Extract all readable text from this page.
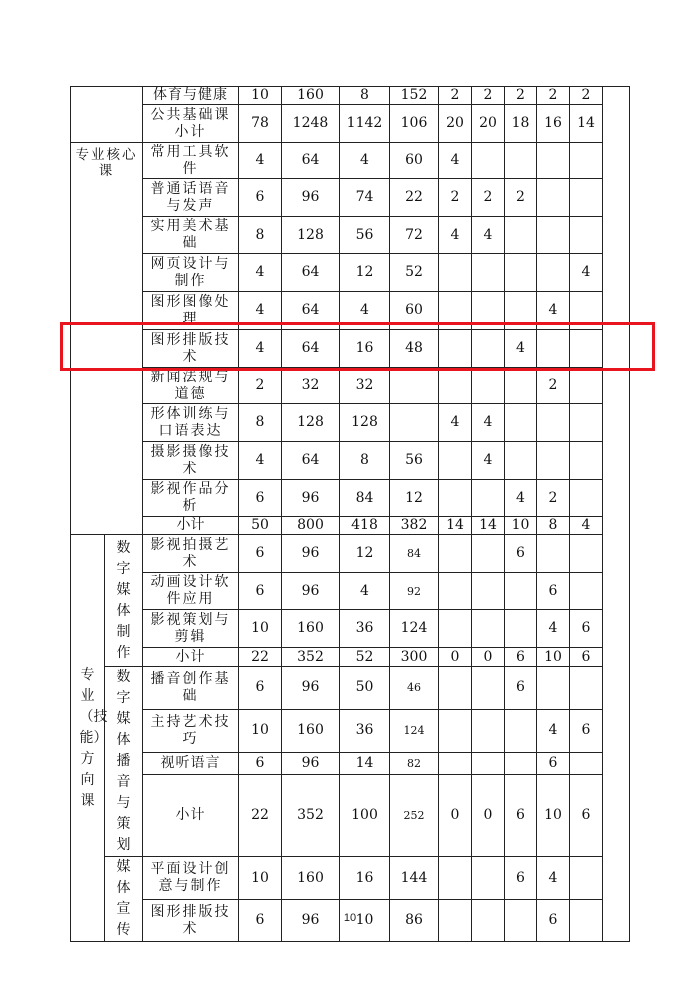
		体育与健康	10	160	8	152	2	2	2	2	2	
		公共基础课小计	78	1248	1142	106	20	20	18	16	14	
专业核心课		常用工具软件	4	64	4	60	4					
		普通话语音与发声	6	96	74	22	2	2	2			
		实用美术基础	8	128	56	72	4	4				
		网页设计与制作	4	64	12	52					4	
		图形图像处理	4	64	4	60				4		
		图形排版技术	4	64	16	48			4			
		新闻法规与道德	2	32	32					2		
		形体训练与口语表达	8	128	128		4	4				
		摄影摄像技术	4	64	8	56		4				
		影视作品分析	6	96	84	12			4	2		
		小计	50	800	418	382	14	14	10	8	4	
专业（技能）方向课	数字媒体制作	影视拍摄艺术	6	96	12	84			6			
		动画设计软件应用	6	96	4	92				6		
		影视策划与剪辑	10	160	36	124				4	6	
		小计	22	352	52	300	0	0	6	10	6	
	数字媒体播音与策划	播音创作基础	6	96	50	46			6			
		主持艺术技巧	10	160	36	124				4	6	
		视听语言	6	96	14	82				6		
		小计	22	352	100	252	0	0	6	10	6	
	媒体宣传	平面设计创意与制作	10	160	16	144			6	4		
		图形排版技术	6	96	10	86				6		
10
